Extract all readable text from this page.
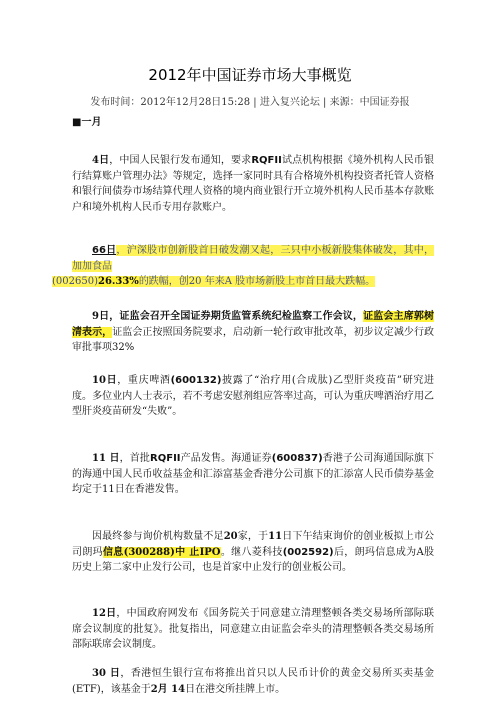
2012年中国证券市场大事概览
发布时间：2012年12月28日15:28 | 进入复兴论坛 | 来源：中国证券报
■一月
4日，中国人民银行发布通知，要求RQFII试点机构根据《境外机构人民币银行结算账户管理办法》等规定，选择一家同时具有合格境外机构投资者托管人资格和银行间债券市场结算代理人资格的境内商业银行开立境外机构人民币基本存款账户和境外机构人民币专用存款账户。
66日，沪深股市创新股首日破发潮又起，三只中小板新股集体破发，其中，加加食品
(002650)26.33%的跌幅，创20 年来A 股市场新股上市首日最大跌幅。
9日，证监会召开全国证券期货监管系统纪检监察工作会议，证监会主席郭树清表示，证监会正按照国务院要求，启动新一轮行政审批改革，初步议定减少行政审批事项32%
10日，重庆啤酒(600132)披露了“治疗用(合成肽)乙型肝炎疫苗”研究进度。多位业内人士表示，若不考虑安慰剂组应答率过高，可认为重庆啤酒治疗用乙型肝炎疫苗研发“失败”。
11 日，首批RQFII产品发售。海通证券(600837)香港子公司海通国际旗下的海通中国人民币收益基金和汇添富基金香港分公司旗下的汇添富人民币债券基金均定于11日在香港发售。
因最终参与询价机构数量不足20家，于11日下午结束询价的创业板拟上市公司朗玛信息(300288)中 止IPO。继八菱科技(002592)后，朗玛信息成为A股历史上第二家中止发行公司，也是首家中止发行的创业板公司。
12日，中国政府网发布《国务院关于同意建立清理整顿各类交易场所部际联席会议制度的批复》。批复指出，同意建立由证监会牵头的清理整顿各类交易场所部际联席会议制度。
30 日，香港恒生银行宣布将推出首只以人民币计价的黄金交易所买卖基金(ETF)，该基金于2月 14日在港交所挂牌上市。
